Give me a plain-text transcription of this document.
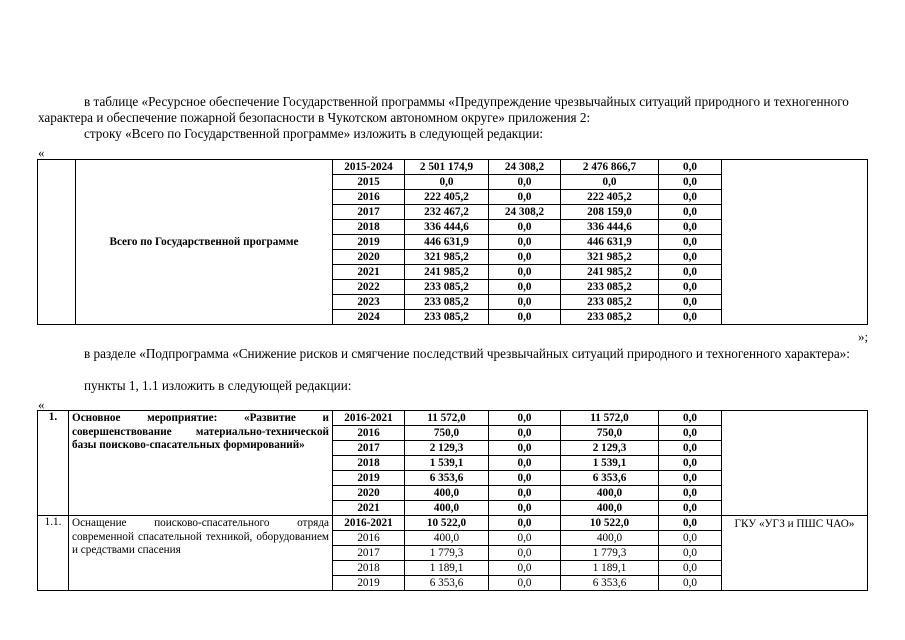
в таблице «Ресурсное обеспечение Государственной программы «Предупреждение чрезвычайных ситуаций природного и техногенного характера и обеспечение пожарной безопасности в Чукотском автономном округе» приложения 2:

строку «Всего по Государственной программе» изложить в следующей редакции:

«
	Всего по Государственной программе	2015-2024	2 501 174,9	24 308,2	2 476 866,7	0,0	
		2015	0,0	0,0	0,0	0,0	
		2016	222 405,2	0,0	222 405,2	0,0	
		2017	232 467,2	24 308,2	208 159,0	0,0	
		2018	336 444,6	0,0	336 444,6	0,0	
		2019	446 631,9	0,0	446 631,9	0,0	
		2020	321 985,2	0,0	321 985,2	0,0	
		2021	241 985,2	0,0	241 985,2	0,0	
		2022	233 085,2	0,0	233 085,2	0,0	
		2023	233 085,2	0,0	233 085,2	0,0	
		2024	233 085,2	0,0	233 085,2	0,0	
»;

в разделе «Подпрограмма «Снижение рисков и смягчение последствий чрезвычайных ситуаций природного и техногенного характера»:

пункты 1, 1.1 изложить в следующей редакции:

«
1.	Основное мероприятие: «Развитие и совершенствование материально-технической базы поисково-спасательных формирований»	2016-2021	11 572,0	0,0	11 572,0	0,0	
		2016	750,0	0,0	750,0	0,0	
		2017	2 129,3	0,0	2 129,3	0,0	
		2018	1 539,1	0,0	1 539,1	0,0	
		2019	6 353,6	0,0	6 353,6	0,0	
		2020	400,0	0,0	400,0	0,0	
		2021	400,0	0,0	400,0	0,0	
1.1.	Оснащение поисково-спасательного отряда современной спасательной техникой, оборудованием и средствами спасения	2016-2021	10 522,0	0,0	10 522,0	0,0	ГКУ «УГЗ и ПШС ЧАО»
		2016	400,0	0,0	400,0	0,0	
		2017	1 779,3	0,0	1 779,3	0,0	
		2018	1 189,1	0,0	1 189,1	0,0	
		2019	6 353,6	0,0	6 353,6	0,0	
